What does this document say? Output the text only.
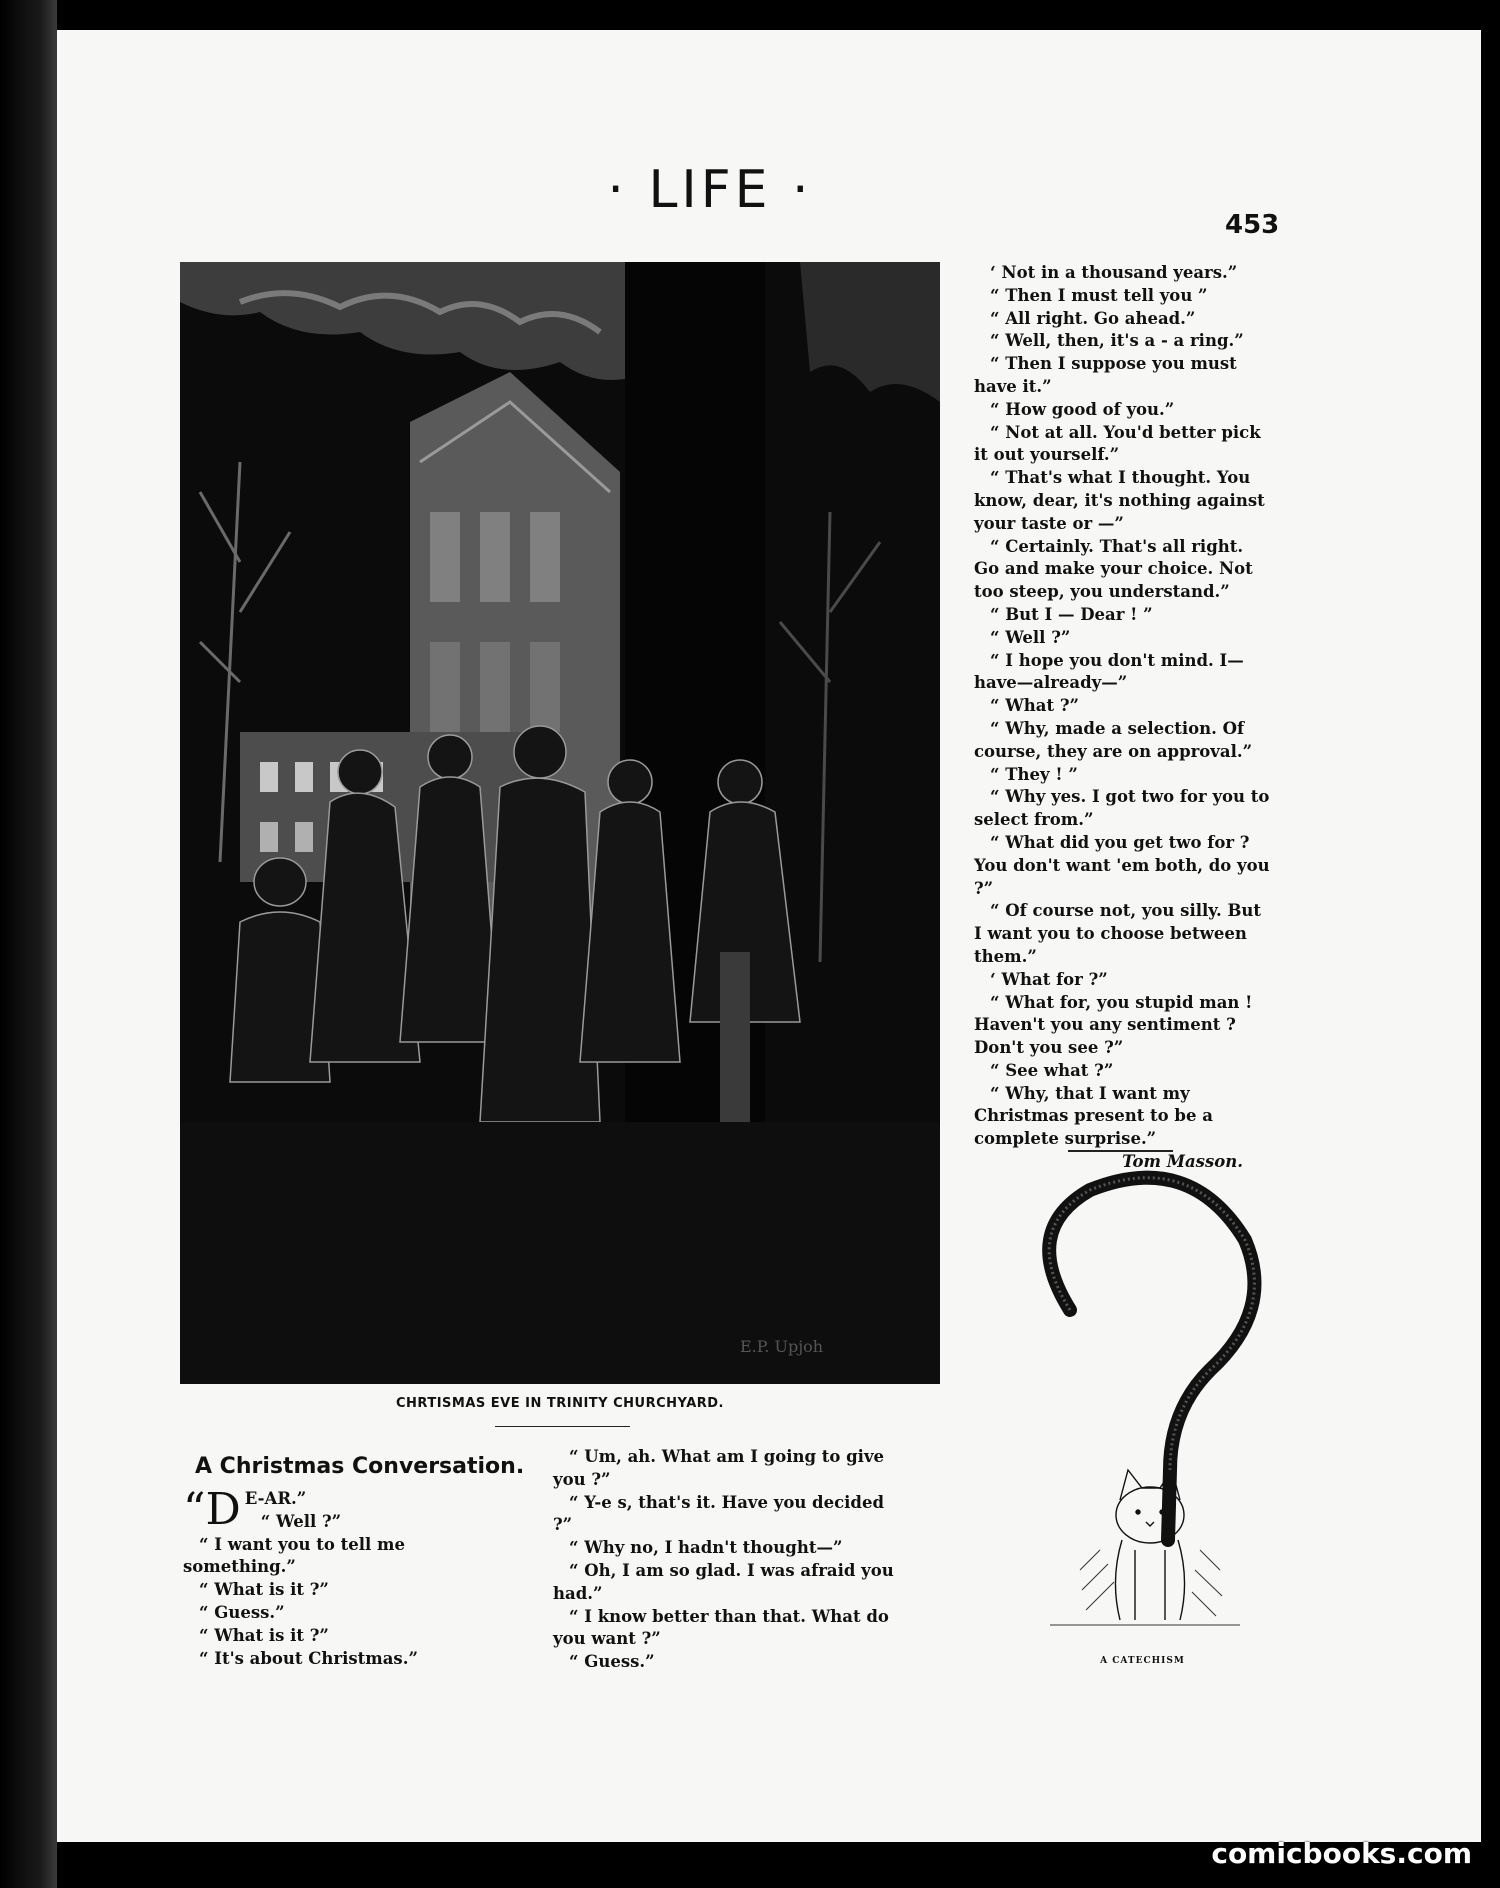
· LIFE ·
453
E.P. Upjoh
CHRTISMAS EVE IN TRINITY CHURCHYARD.
A Christmas Conversation.
“D E-AR.”

“ Well ?”

“ I want you to tell me something.”

“ What is it ?”

“ Guess.”

“ What is it ?”

“ It's about Christmas.”

“ Um, ah. What am I going to give you ?”

“ Y-e s, that's it. Have you decided ?”

“ Why no, I hadn't thought—”

“ Oh, I am so glad. I was afraid you had.”

“ I know better than that. What do you want ?”

“ Guess.”

‘ Not in a thousand years.”

“ Then I must tell you ”

“ All right. Go ahead.”

“ Well, then, it's a - a ring.”

“ Then I suppose you must have it.”

“ How good of you.”

“ Not at all. You'd better pick it out yourself.”

“ That's what I thought. You know, dear, it's nothing against your taste or —”

“ Certainly. That's all right. Go and make your choice. Not too steep, you understand.”

“ But I — Dear ! ”

“ Well ?”

“ I hope you don't mind. I— have—already—”

“ What ?”

“ Why, made a selection. Of course, they are on approval.”

“ They ! ”

“ Why yes. I got two for you to select from.”

“ What did you get two for ? You don't want 'em both, do you ?”

“ Of course not, you silly. But I want you to choose between them.”

‘ What for ?”

“ What for, you stupid man ! Haven't you any sentiment ? Don't you see ?”

“ See what ?”

“ Why, that I want my Christmas present to be a complete surprise.”

Tom Masson.

A CATECHISM
comicbooks.com
